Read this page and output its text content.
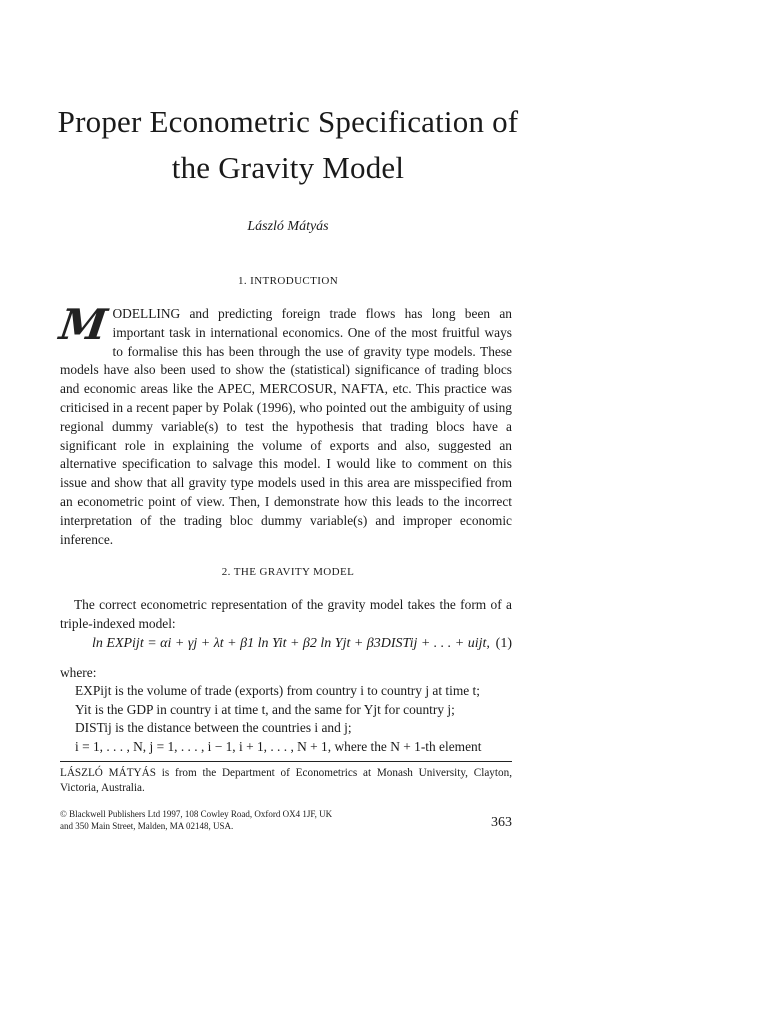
Proper Econometric Specification of
the Gravity Model
László Mátyás
1. INTRODUCTION
M ODELLING and predicting foreign trade flows has long been an important task in international economics. One of the most fruitful ways to formalise this has been through the use of gravity type models. These models have also been used to show the (statistical) significance of trading blocs and economic areas like the APEC, MERCOSUR, NAFTA, etc. This practice was criticised in a recent paper by Polak (1996), who pointed out the ambiguity of using regional dummy variable(s) to test the hypothesis that trading blocs have a significant role in explaining the volume of exports and also, suggested an alternative specification to salvage this model. I would like to comment on this issue and show that all gravity type models used in this area are misspecified from an econometric point of view. Then, I demonstrate how this leads to the incorrect interpretation of the trading bloc dummy variable(s) and improper economic inference.
2. THE GRAVITY MODEL
The correct econometric representation of the gravity model takes the form of a triple-indexed model:
ln EXPijt = αi + γj + λt + β1 ln Yit + β2 ln Yjt + β3DISTij + . . . + uijt, (1)
where:
EXPijt is the volume of trade (exports) from country i to country j at time t;
Yit is the GDP in country i at time t, and the same for Yjt for country j;
DISTij is the distance between the countries i and j;
i = 1, . . . , N, j = 1, . . . , i − 1, i + 1, . . . , N + 1, where the N + 1-th element
LÁSZLÓ MÁTYÁS is from the Department of Econometrics at Monash University, Clayton, Victoria, Australia.
© Blackwell Publishers Ltd 1997, 108 Cowley Road, Oxford OX4 1JF, UK
and 350 Main Street, Malden, MA 02148, USA.	363
